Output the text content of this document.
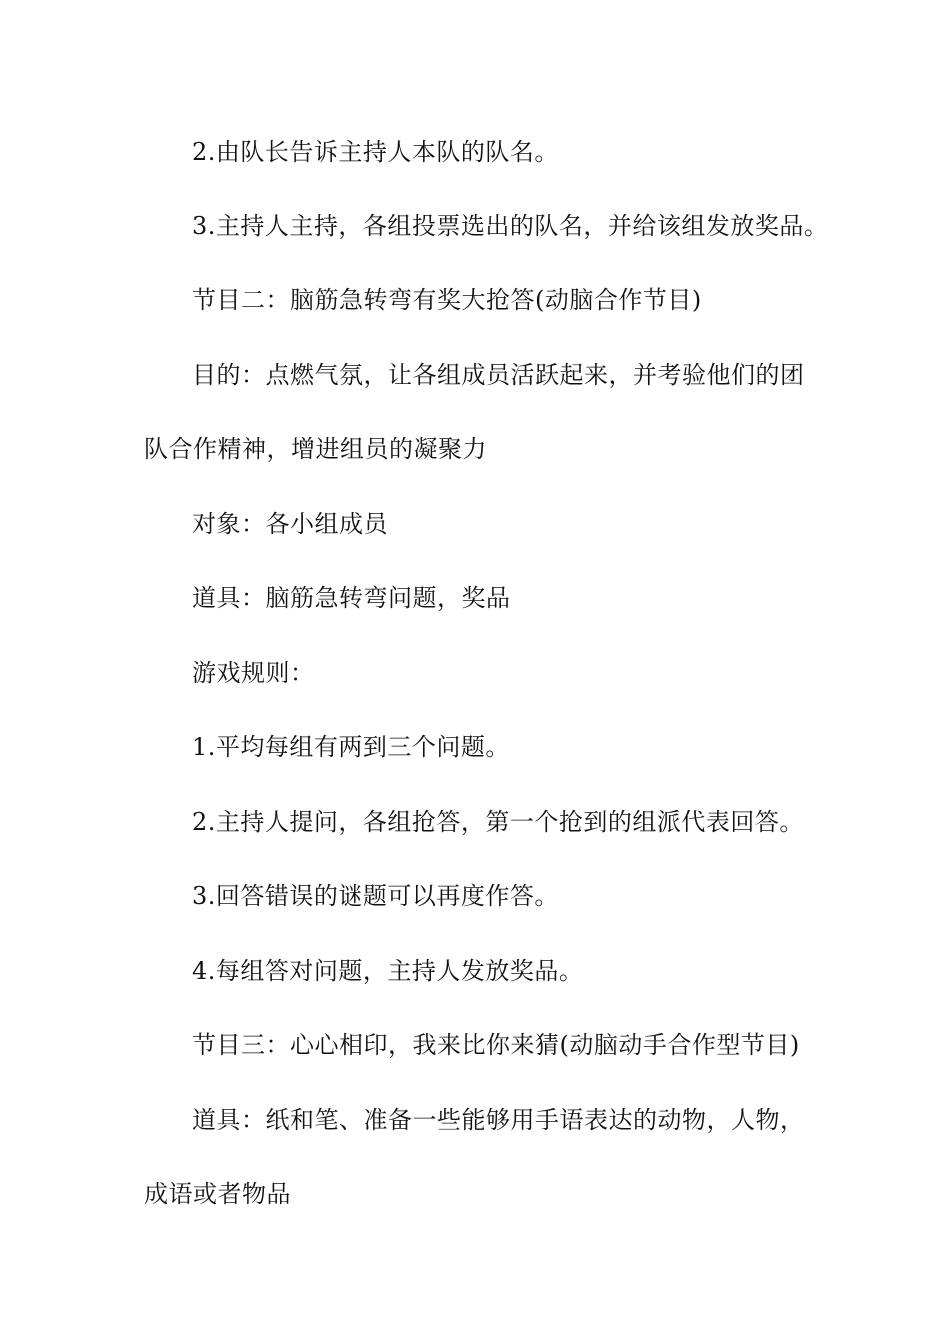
2.由队长告诉主持人本队的队名。
3.主持人主持，各组投票选出的队名，并给该组发放奖品。
节目二：脑筋急转弯有奖大抢答(动脑合作节目)
目的：点燃气氛，让各组成员活跃起来，并考验他们的团
队合作精神，增进组员的凝聚力
对象：各小组成员
道具：脑筋急转弯问题，奖品
游戏规则：
1.平均每组有两到三个问题。
2.主持人提问，各组抢答，第一个抢到的组派代表回答。
3.回答错误的谜题可以再度作答。
4.每组答对问题，主持人发放奖品。
节目三：心心相印，我来比你来猜(动脑动手合作型节目)
道具：纸和笔、准备一些能够用手语表达的动物，人物，
成语或者物品
